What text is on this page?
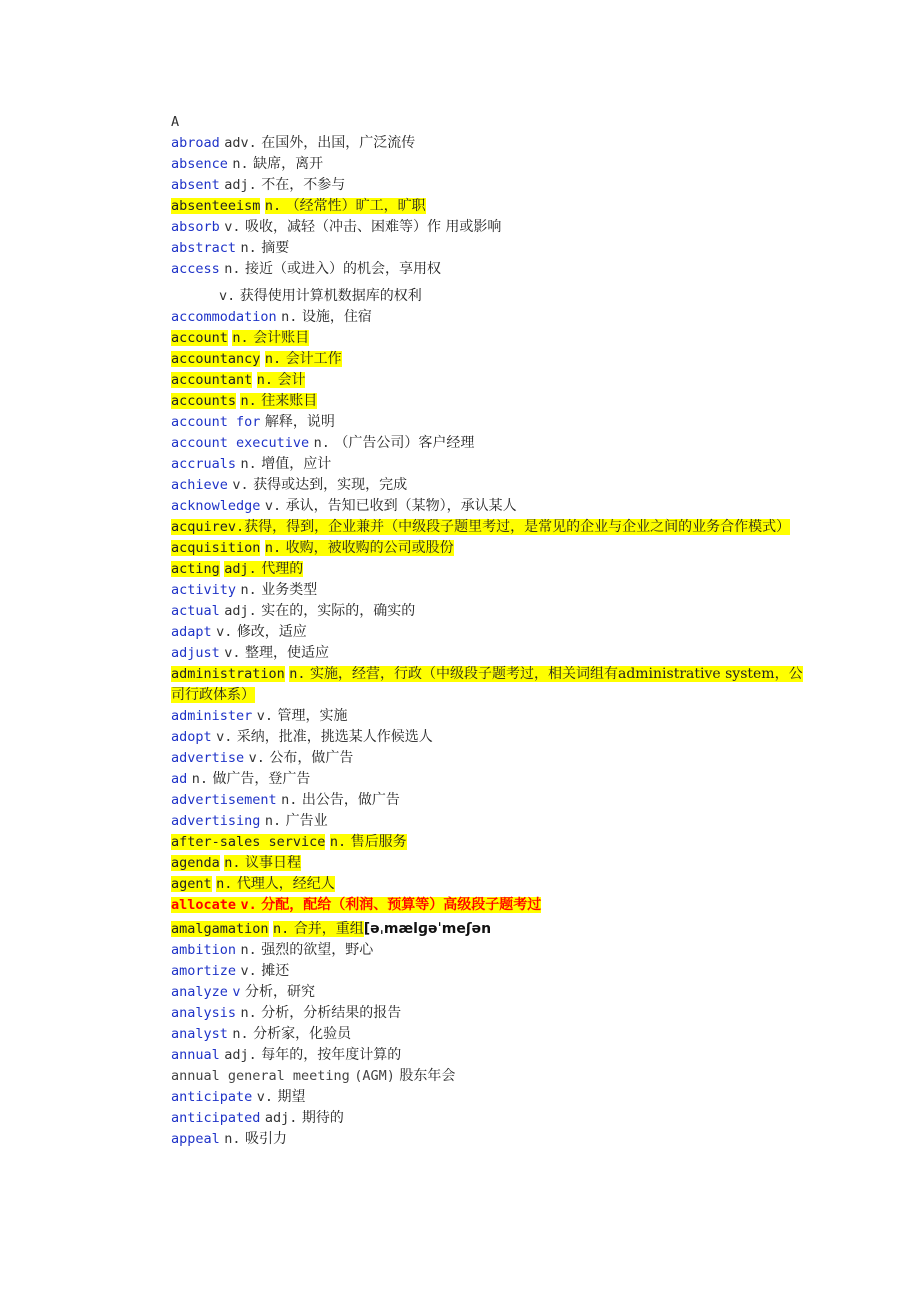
A
abroad adv. 在国外，出国，广泛流传
absence n. 缺席，离开
absent adj. 不在，不参与
absenteeism n. （经常性）旷工，旷职
absorb v. 吸收，减轻（冲击、困难等）作 用或影响
abstract n. 摘要
access n. 接近（或进入）的机会，享用权
v. 获得使用计算机数据库的权利
accommodation n. 设施，住宿
account n. 会计账目
accountancy n. 会计工作
accountant n. 会计
accounts n. 往来账目
account for 解释，说明
account executive n. （广告公司）客户经理
accruals n. 增值，应计
achieve v. 获得或达到，实现，完成
acknowledge v. 承认，告知已收到（某物），承认某人
acquirev.获得，得到，企业兼并（中级段子题里考过，是常见的企业与企业之间的业务合作模式）
acquisition n. 收购，被收购的公司或股份
acting adj. 代理的
activity n. 业务类型
actual adj. 实在的，实际的，确实的
adapt v. 修改，适应
adjust v. 整理，使适应
administration n. 实施，经营，行政（中级段子题考过，相关词组有administrative system，公司行政体系）
administer v. 管理，实施
adopt v. 采纳，批准，挑选某人作候选人
advertise v. 公布，做广告
ad n. 做广告，登广告
advertisement n. 出公告，做广告
advertising n. 广告业
after-sales service n. 售后服务
agenda n. 议事日程
agent n. 代理人，经纪人
allocate v. 分配，配给（利润、预算等）高级段子题考过
amalgamation n. 合并，重组[əˌmælɡəˈmeʃən
ambition n. 强烈的欲望，野心
amortize v. 摊还
analyze v 分析，研究
analysis n. 分析，分析结果的报告
analyst n. 分析家，化验员
annual adj. 每年的，按年度计算的
annual general meeting (AGM) 股东年会
anticipate v. 期望
anticipated adj. 期待的
appeal n. 吸引力
